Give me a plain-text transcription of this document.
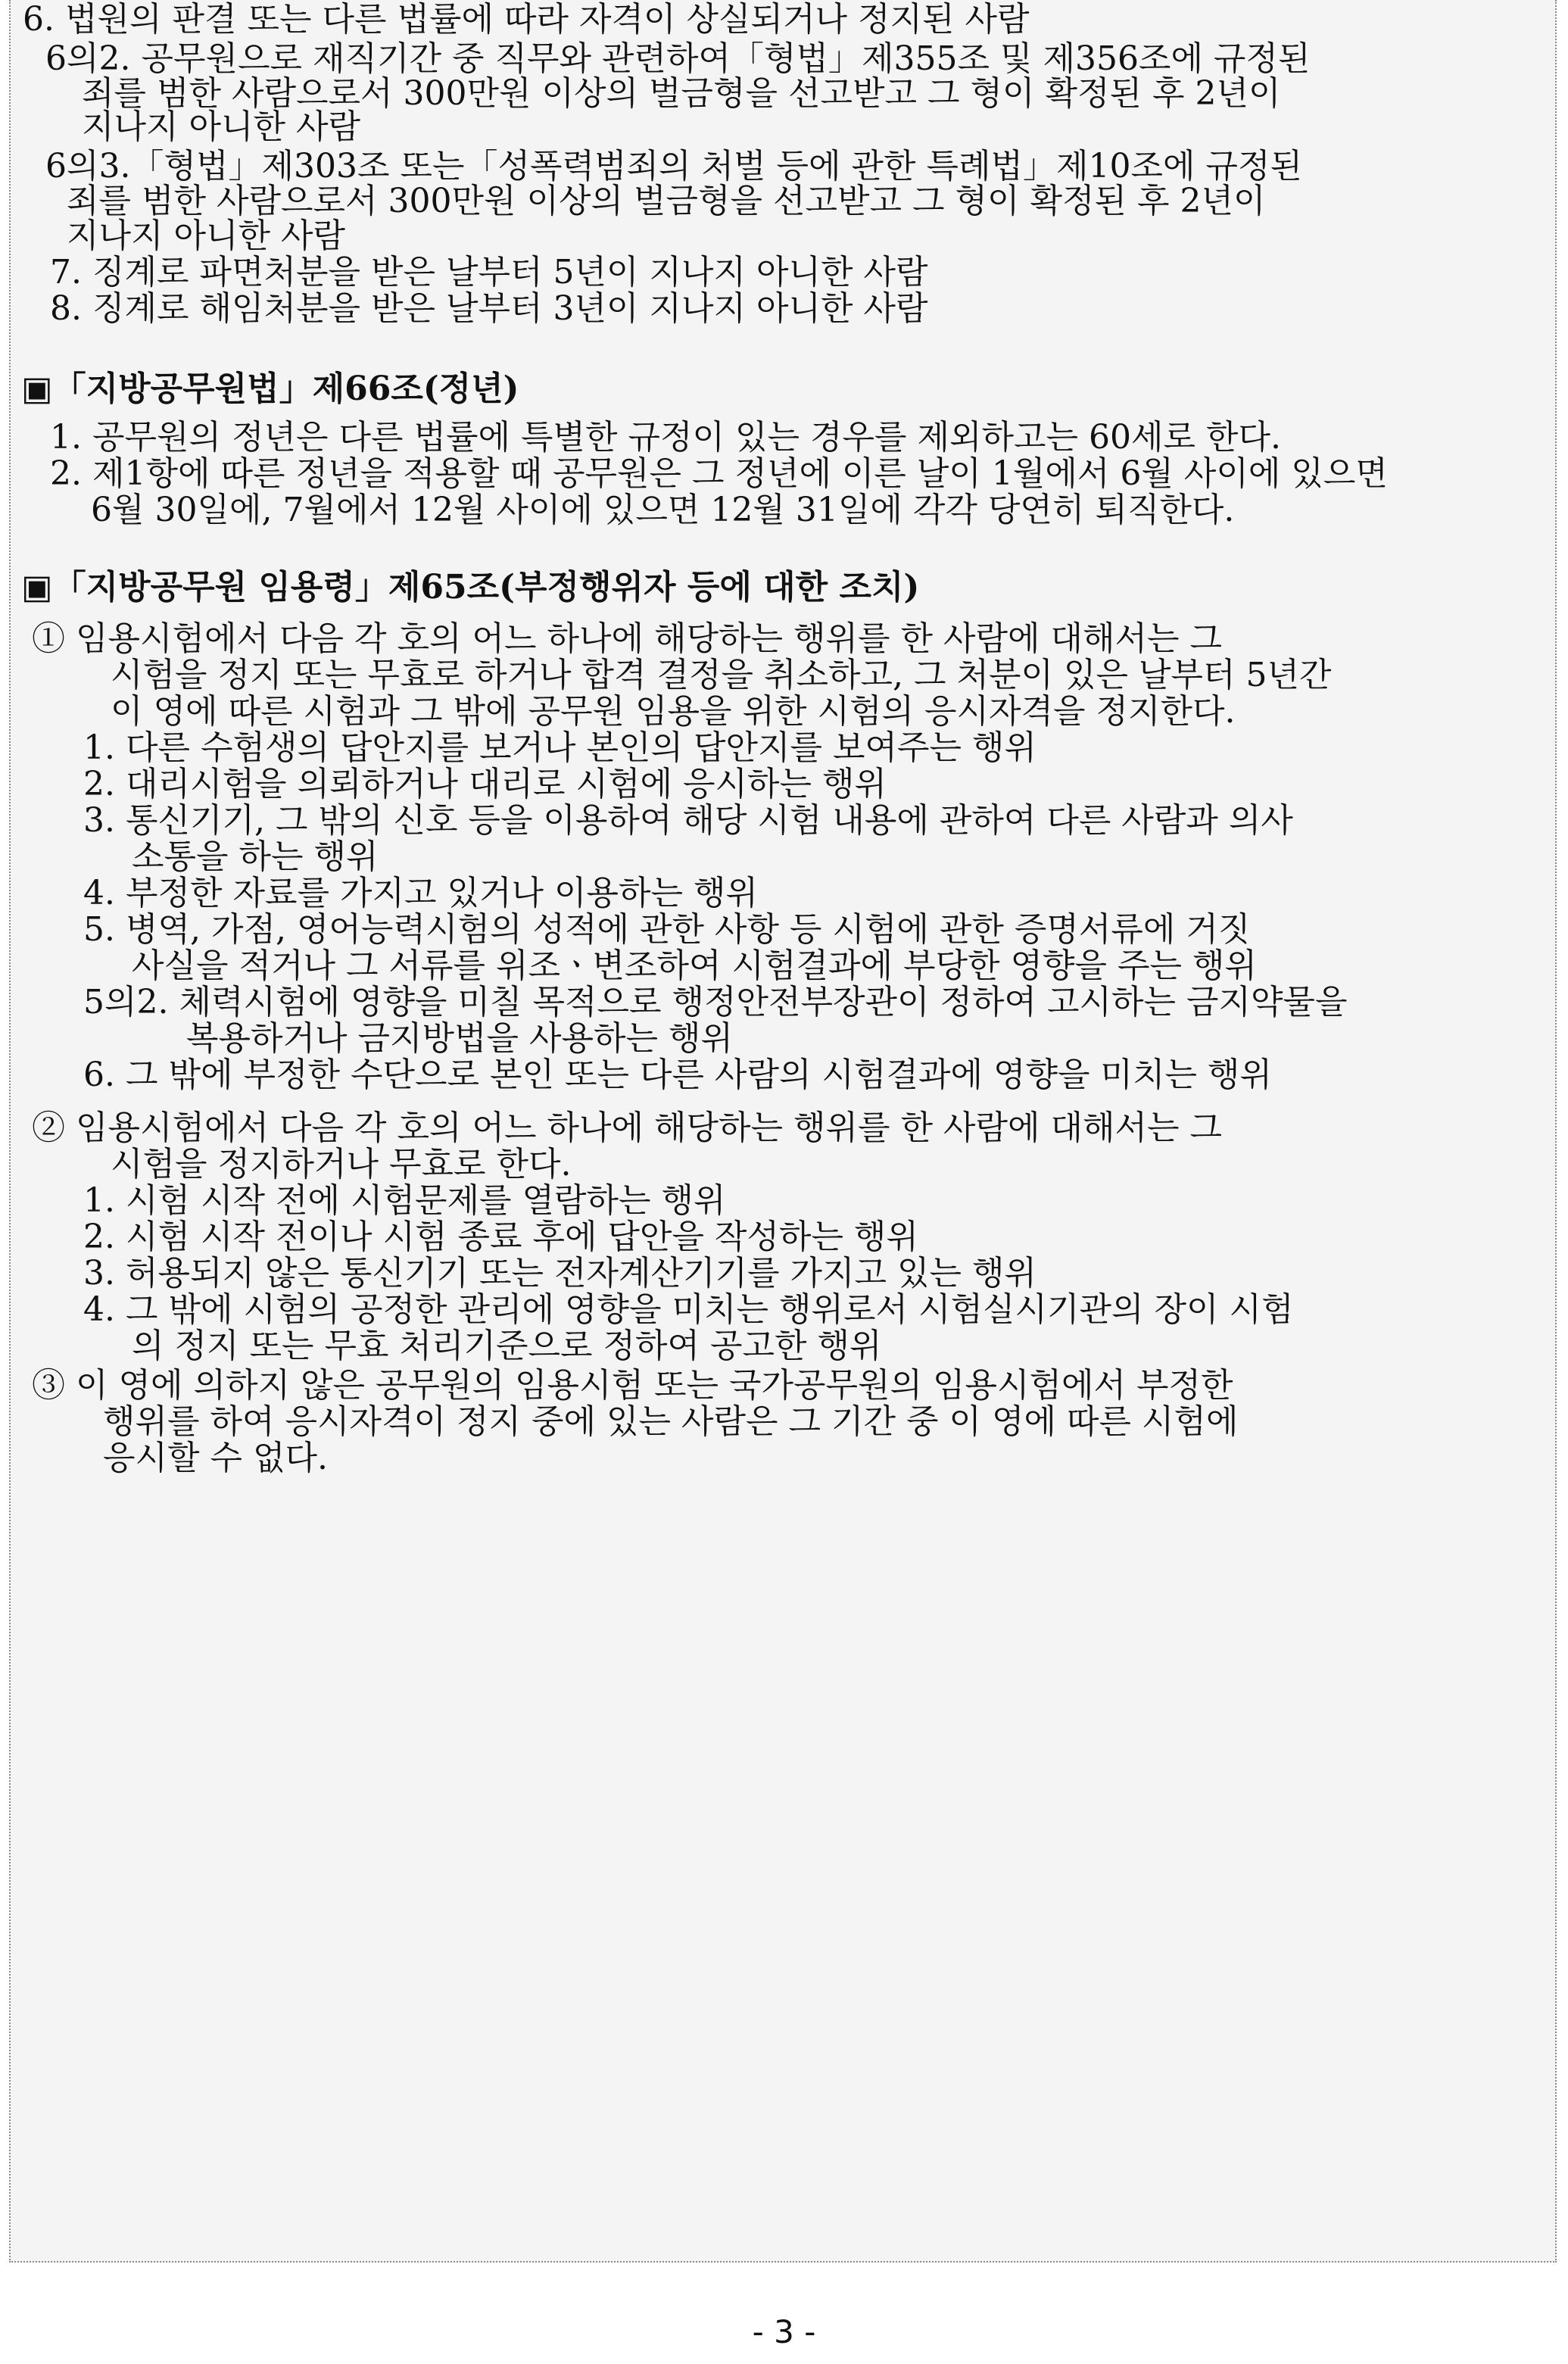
6. 법원의 판결 또는 다른 법률에 따라 자격이 상실되거나 정지된 사람
6의2. 공무원으로 재직기간 중 직무와 관련하여「형법」제355조 및 제356조에 규정된
죄를 범한 사람으로서 300만원 이상의 벌금형을 선고받고 그 형이 확정된 후 2년이
지나지 아니한 사람
6의3.「형법」제303조 또는「성폭력범죄의 처벌 등에 관한 특례법」제10조에 규정된
죄를 범한 사람으로서 300만원 이상의 벌금형을 선고받고 그 형이 확정된 후 2년이
지나지 아니한 사람
7. 징계로 파면처분을 받은 날부터 5년이 지나지 아니한 사람
8. 징계로 해임처분을 받은 날부터 3년이 지나지 아니한 사람
▣「지방공무원법」제66조(정년)
1. 공무원의 정년은 다른 법률에 특별한 규정이 있는 경우를 제외하고는 60세로 한다.
2. 제1항에 따른 정년을 적용할 때 공무원은 그 정년에 이른 날이 1월에서 6월 사이에 있으면
6월 30일에, 7월에서 12월 사이에 있으면 12월 31일에 각각 당연히 퇴직한다.
▣「지방공무원 임용령」제65조(부정행위자 등에 대한 조치)
① 임용시험에서 다음 각 호의 어느 하나에 해당하는 행위를 한 사람에 대해서는 그
시험을 정지 또는 무효로 하거나 합격 결정을 취소하고, 그 처분이 있은 날부터 5년간
이 영에 따른 시험과 그 밖에 공무원 임용을 위한 시험의 응시자격을 정지한다.
1. 다른 수험생의 답안지를 보거나 본인의 답안지를 보여주는 행위
2. 대리시험을 의뢰하거나 대리로 시험에 응시하는 행위
3. 통신기기, 그 밖의 신호 등을 이용하여 해당 시험 내용에 관하여 다른 사람과 의사
소통을 하는 행위
4. 부정한 자료를 가지고 있거나 이용하는 행위
5. 병역, 가점, 영어능력시험의 성적에 관한 사항 등 시험에 관한 증명서류에 거짓
사실을 적거나 그 서류를 위조ㆍ변조하여 시험결과에 부당한 영향을 주는 행위
5의2. 체력시험에 영향을 미칠 목적으로 행정안전부장관이 정하여 고시하는 금지약물을
복용하거나 금지방법을 사용하는 행위
6. 그 밖에 부정한 수단으로 본인 또는 다른 사람의 시험결과에 영향을 미치는 행위
② 임용시험에서 다음 각 호의 어느 하나에 해당하는 행위를 한 사람에 대해서는 그
시험을 정지하거나 무효로 한다.
1. 시험 시작 전에 시험문제를 열람하는 행위
2. 시험 시작 전이나 시험 종료 후에 답안을 작성하는 행위
3. 허용되지 않은 통신기기 또는 전자계산기기를 가지고 있는 행위
4. 그 밖에 시험의 공정한 관리에 영향을 미치는 행위로서 시험실시기관의 장이 시험
의 정지 또는 무효 처리기준으로 정하여 공고한 행위
③ 이 영에 의하지 않은 공무원의 임용시험 또는 국가공무원의 임용시험에서 부정한
행위를 하여 응시자격이 정지 중에 있는 사람은 그 기간 중 이 영에 따른 시험에
응시할 수 없다.
- 3 -
